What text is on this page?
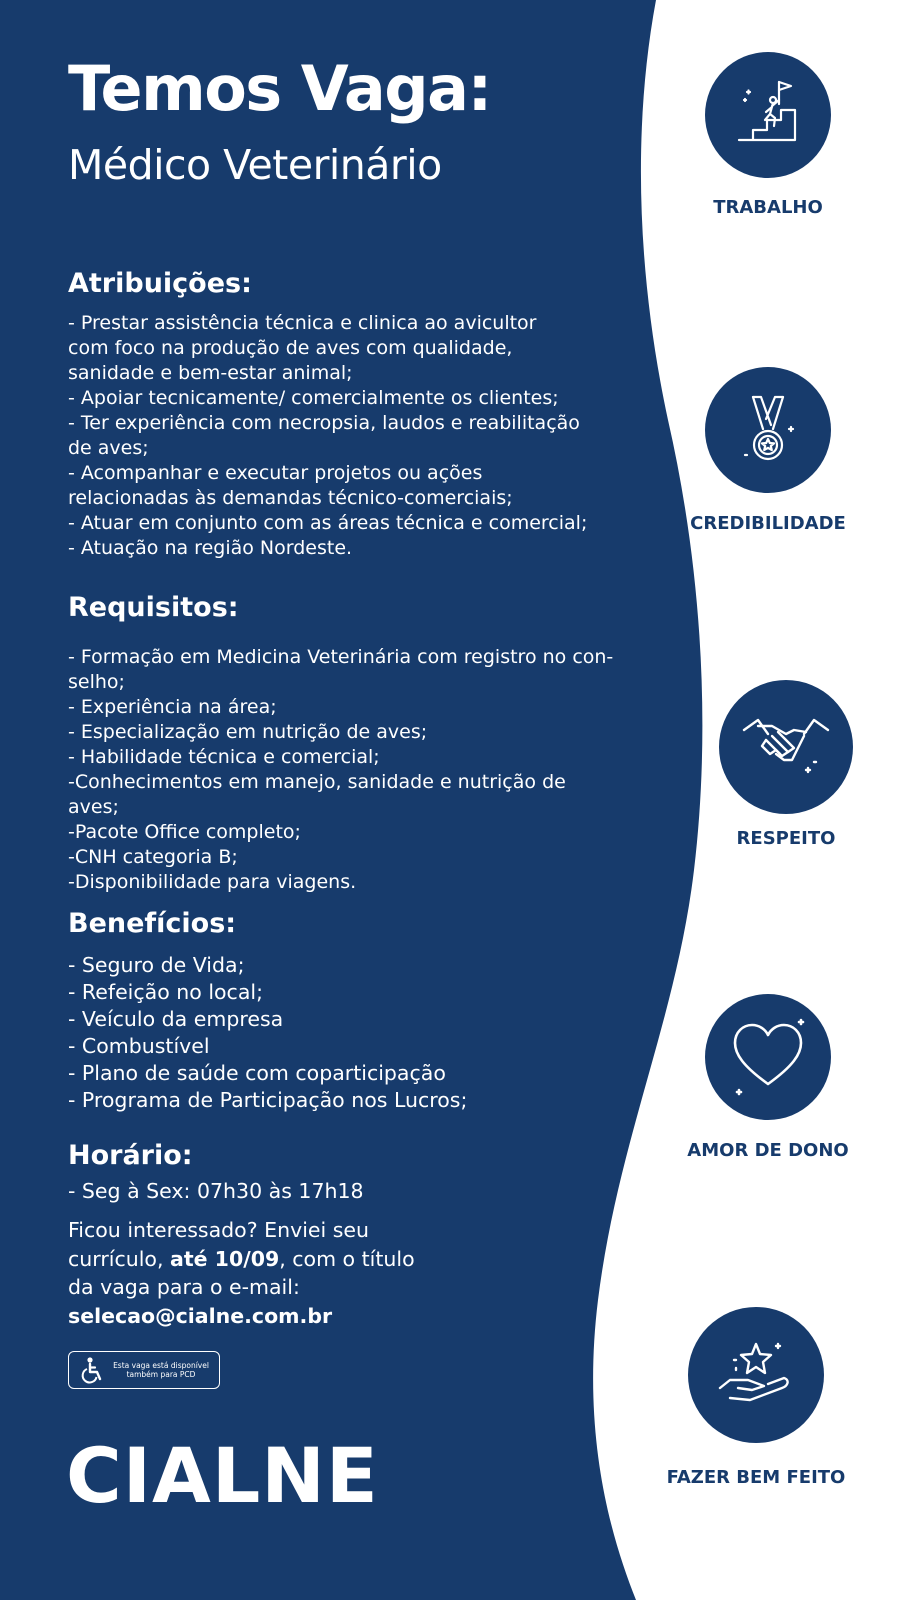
Temos Vaga:
Médico Veterinário
Atribuições:
- Prestar assistência técnica e clinica ao avicultor
com foco na produção de aves com qualidade,
sanidade e bem-estar animal;
- Apoiar tecnicamente/ comercialmente os clientes;
- Ter experiência com necropsia, laudos e reabilitação
de aves;
- Acompanhar e executar projetos ou ações
relacionadas às demandas técnico-comerciais;
- Atuar em conjunto com as áreas técnica e comercial;
- Atuação na região Nordeste.
Requisitos:
- Formação em Medicina Veterinária com registro no con-
selho;
- Experiência na área;
- Especialização em nutrição de aves;
- Habilidade técnica e comercial;
-Conhecimentos em manejo, sanidade e nutrição de
aves;
-Pacote Office completo;
-CNH categoria B;
-Disponibilidade para viagens.
Benefícios:
- Seguro de Vida;
- Refeição no local;
- Veículo da empresa
- Combustível
- Plano de saúde com coparticipação
- Programa de Participação nos Lucros;
Horário:
- Seg à Sex: 07h30 às 17h18

Ficou interessado? Enviei seu currículo, até 10/09, com o título da vaga para o e-mail: selecao@cialne.com.br

Esta vaga está disponível
também para PCD
CIALNE
TRABALHO
CREDIBILIDADE
RESPEITO
AMOR DE DONO
FAZER BEM FEITO
